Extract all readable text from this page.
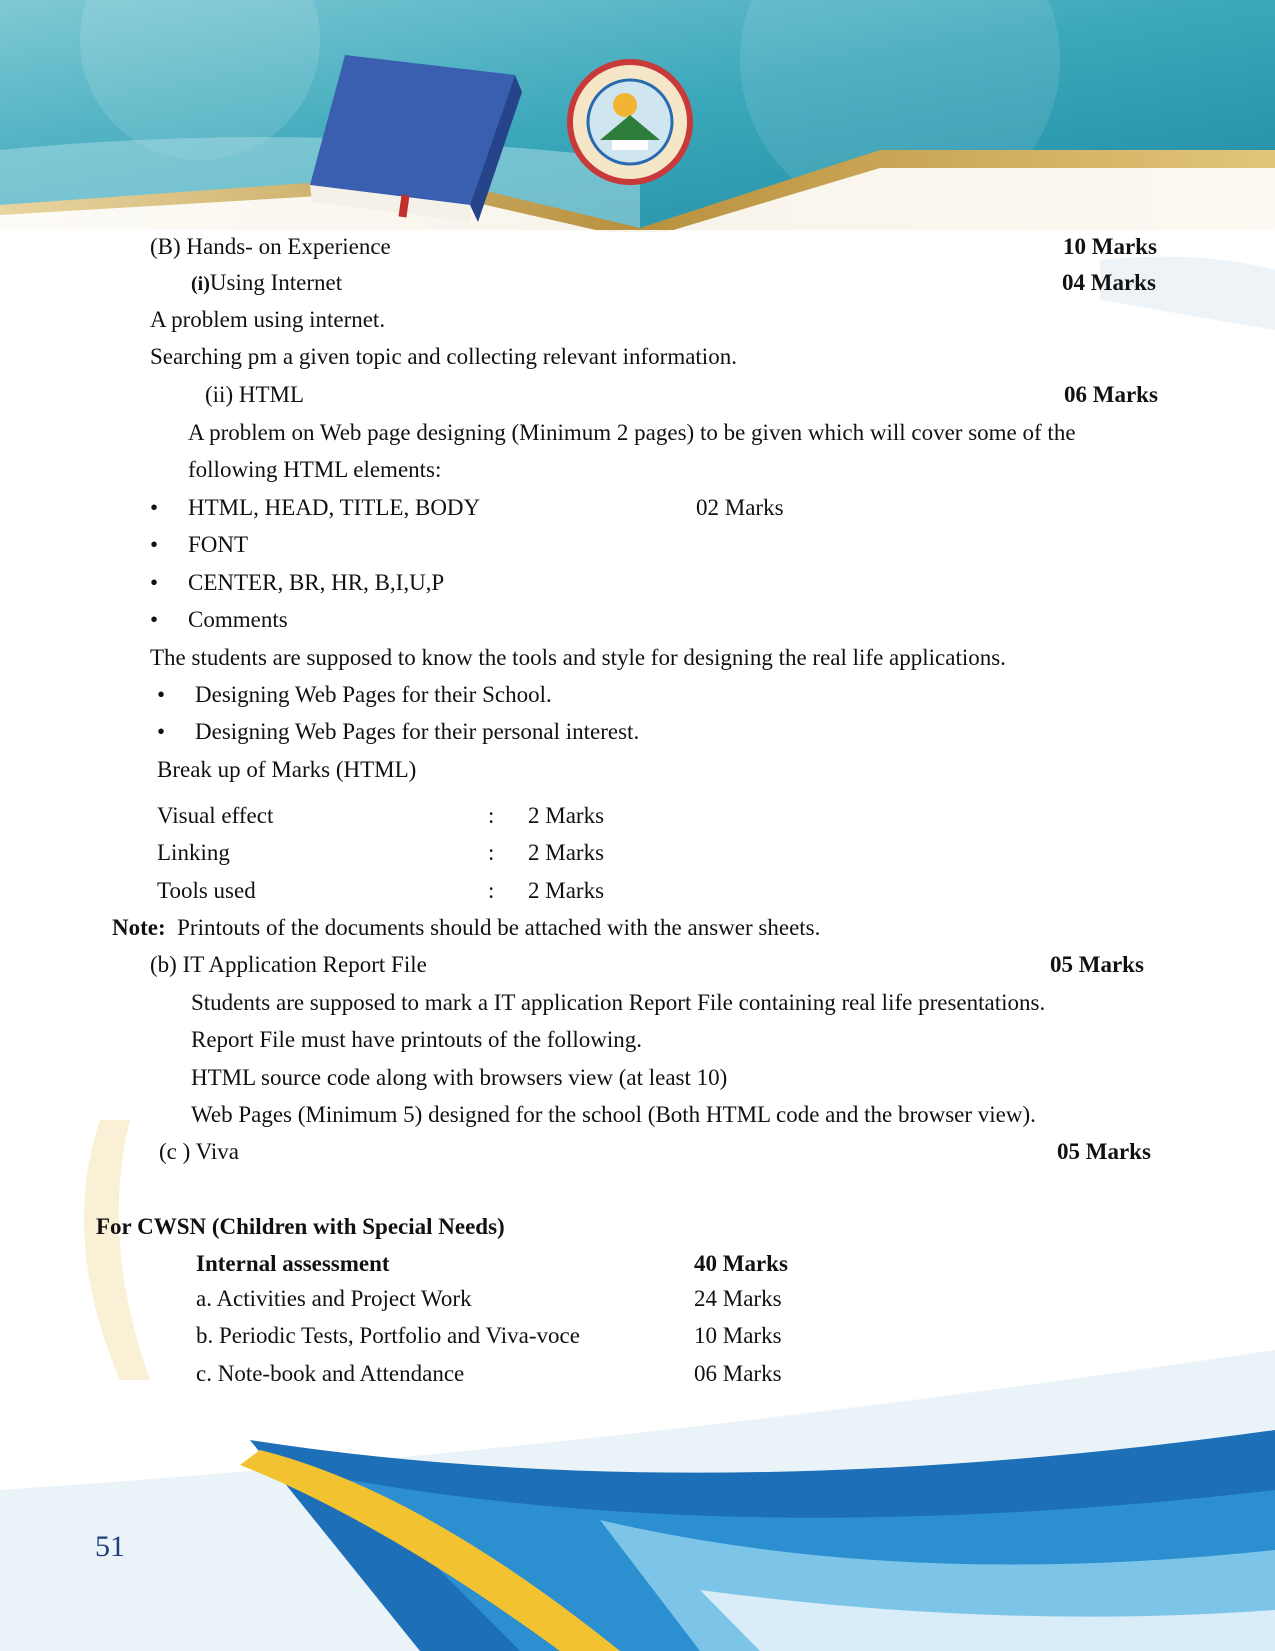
(B) Hands- on Experience	10 Marks
(i)Using Internet	04 Marks
A problem using internet.
Searching pm a given topic and collecting relevant information.
(ii) HTML	06 Marks
A problem on Web page designing (Minimum 2 pages) to be given which will cover some of the
following HTML elements:
• HTML, HEAD, TITLE, BODY	02 Marks
• FONT
• CENTER, BR, HR, B,I,U,P
• Comments
The students are supposed to know the tools and style for designing the real life applications.
• Designing Web Pages for their School.
• Designing Web Pages for their personal interest.
Break up of Marks (HTML)
Visual effect	: 2 Marks
Linking	: 2 Marks
Tools used	: 2 Marks
Note: Printouts of the documents should be attached with the answer sheets.
(b) IT Application Report File	05 Marks
Students are supposed to mark a IT application Report File containing real life presentations.
Report File must have printouts of the following.
HTML source code along with browsers view (at least 10)
Web Pages (Minimum 5) designed for the school (Both HTML code and the browser view).
(c ) Viva	05 Marks
For CWSN (Children with Special Needs)
Internal assessment	40 Marks
a. Activities and Project Work	24 Marks
b. Periodic Tests, Portfolio and Viva-voce	10 Marks
c. Note-book and Attendance	06 Marks
51
